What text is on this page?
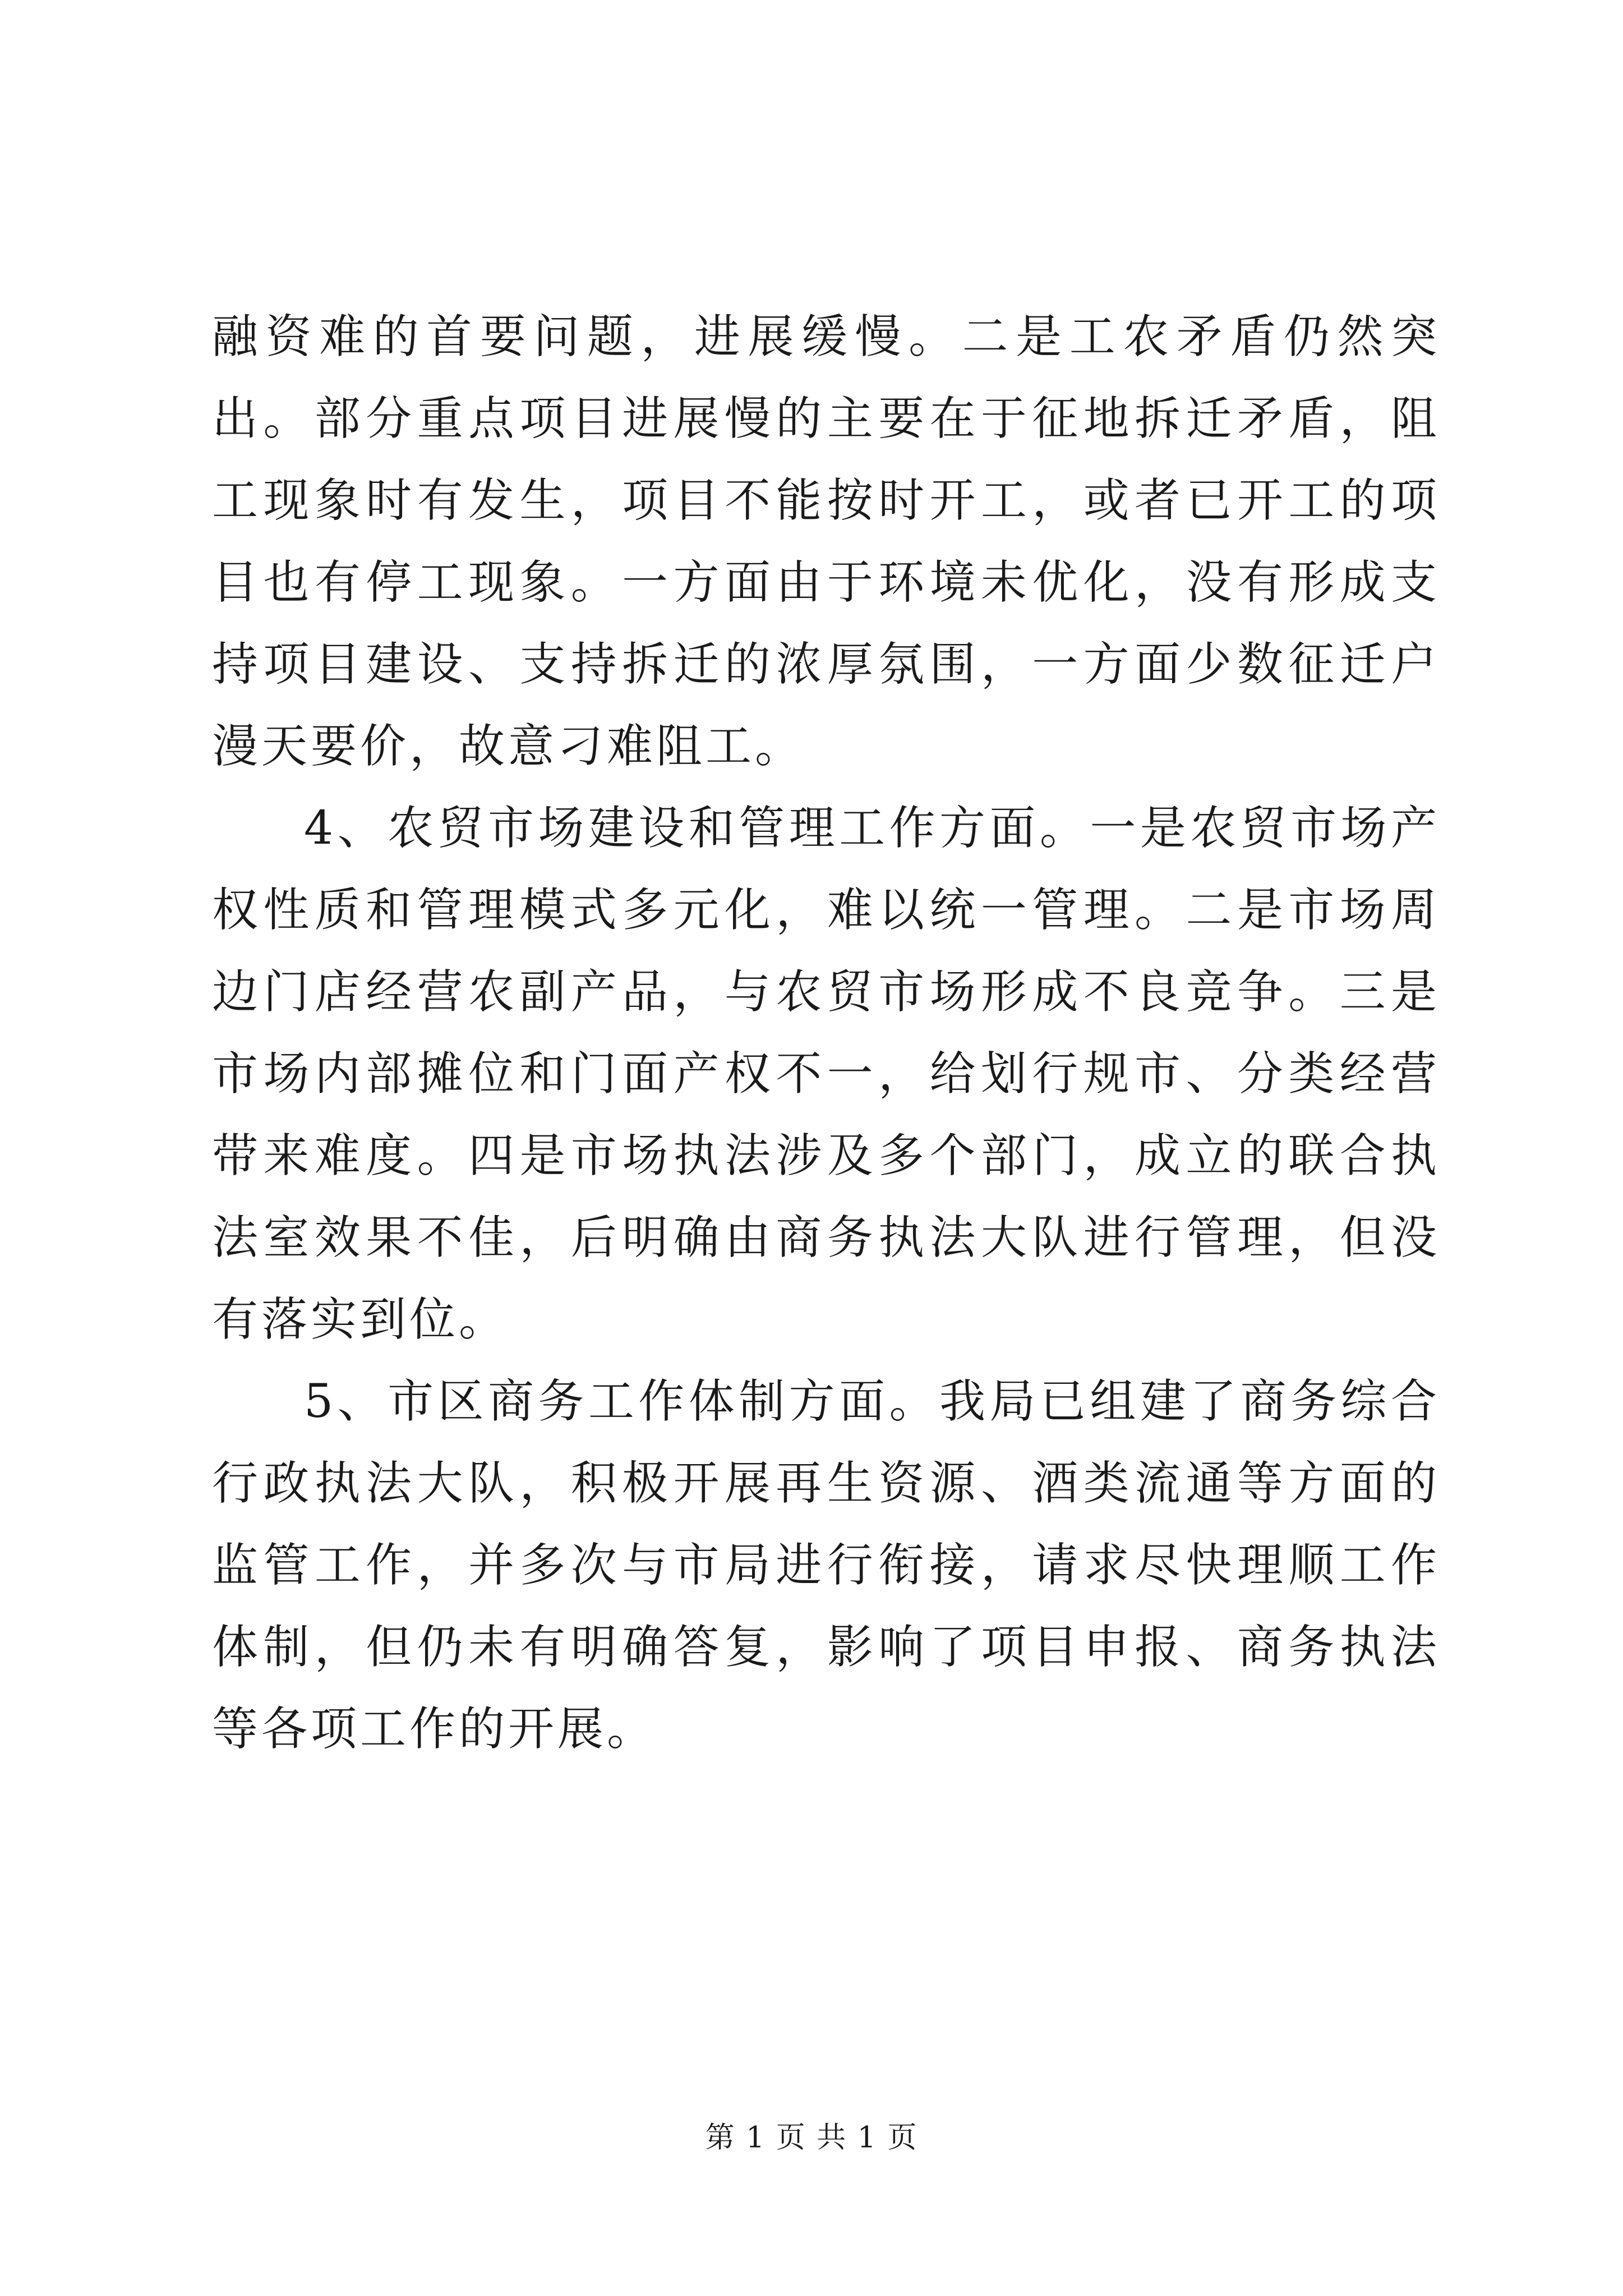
融资难的首要问题，进展缓慢。二是工农矛盾仍然突出。部分重点项目进展慢的主要在于征地拆迁矛盾，阻工现象时有发生，项目不能按时开工，或者已开工的项目也有停工现象。一方面由于环境未优化，没有形成支持项目建设、支持拆迁的浓厚氛围，一方面少数征迁户漫天要价，故意刁难阻工。

4、农贸市场建设和管理工作方面。一是农贸市场产权性质和管理模式多元化，难以统一管理。二是市场周边门店经营农副产品，与农贸市场形成不良竞争。三是市场内部摊位和门面产权不一，给划行规市、分类经营带来难度。四是市场执法涉及多个部门，成立的联合执法室效果不佳，后明确由商务执法大队进行管理，但没有落实到位。

5、市区商务工作体制方面。我局已组建了商务综合行政执法大队，积极开展再生资源、酒类流通等方面的监管工作，并多次与市局进行衔接，请求尽快理顺工作体制，但仍未有明确答复，影响了项目申报、商务执法等各项工作的开展。

第 1 页 共 1 页
